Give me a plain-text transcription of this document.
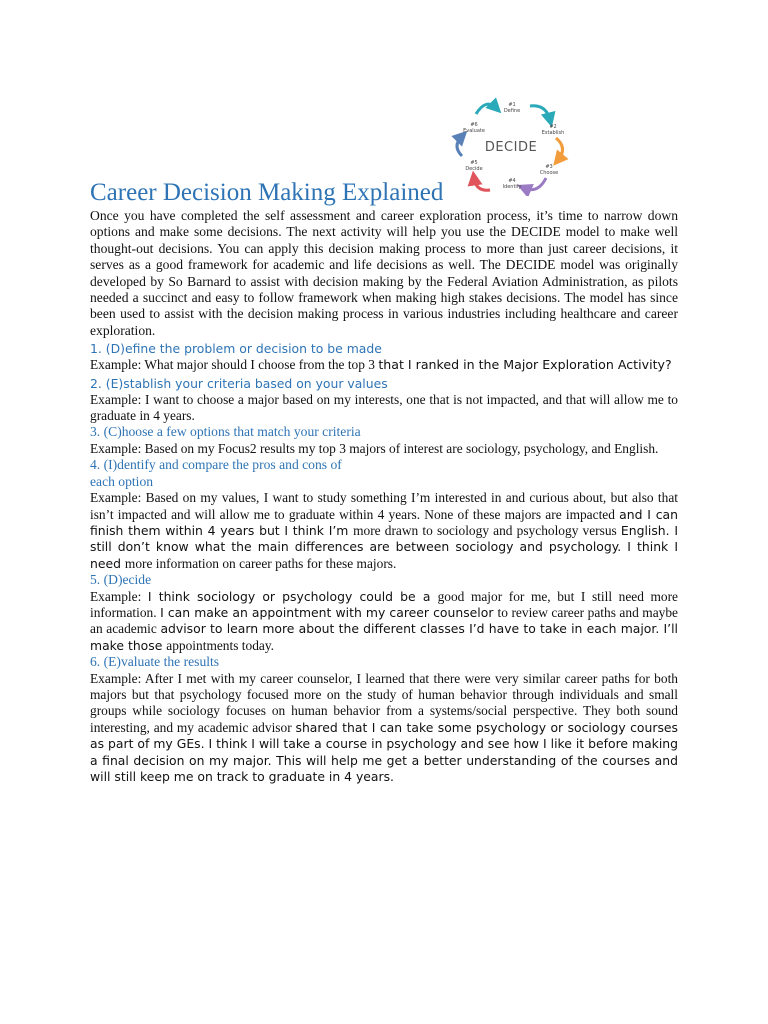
DECIDE
#1
Define
#2
Establish
#3
Choose
#4
Identify
#5
Decide
#6
Evaluate
Career Decision Making Explained

Once you have completed the self assessment and career exploration process, it’s time to narrow down options and make some decisions. The next activity will help you use the DECIDE model to make well thought-out decisions. You can apply this decision making process to more than just career decisions, it serves as a good framework for academic and life decisions as well. The DECIDE model was originally developed by So Barnard to assist with decision making by the Federal Aviation Administration, as pilots needed a succinct and easy to follow framework when making high stakes decisions. The model has since been used to assist with the decision making process in various industries including healthcare and career exploration.

1. (D)efine the problem or decision to be made

Example: What major should I choose from the top 3 that I ranked in the Major Exploration Activity?

2. (E)stablish your criteria based on your values

Example: I want to choose a major based on my interests, one that is not impacted, and that will allow me to graduate in 4 years.

3. (C)hoose a few options that match your criteria

Example: Based on my Focus2 results my top 3 majors of interest are sociology, psychology, and English.

4. (I)dentify and compare the pros and cons of
each option

Example: Based on my values, I want to study something I’m interested in and curious about, but also that isn’t impacted and will allow me to graduate within 4 years. None of these majors are impacted and I can finish them within 4 years but I think I’m more drawn to sociology and psychology versus English. I still don’t know what the main differences are between sociology and psychology. I think I need more information on career paths for these majors.

5. (D)ecide

Example: I think sociology or psychology could be a good major for me, but I still need more information. I can make an appointment with my career counselor to review career paths and maybe an academic advisor to learn more about the different classes I’d have to take in each major. I’ll make those appointments today.

6. (E)valuate the results

Example: After I met with my career counselor, I learned that there were very similar career paths for both majors but that psychology focused more on the study of human behavior through individuals and small groups while sociology focuses on human behavior from a systems/social perspective. They both sound interesting, and my academic advisor shared that I can take some psychology or sociology courses as part of my GEs. I think I will take a course in psychology and see how I like it before making a final decision on my major. This will help me get a better understanding of the courses and will still keep me on track to graduate in 4 years.
